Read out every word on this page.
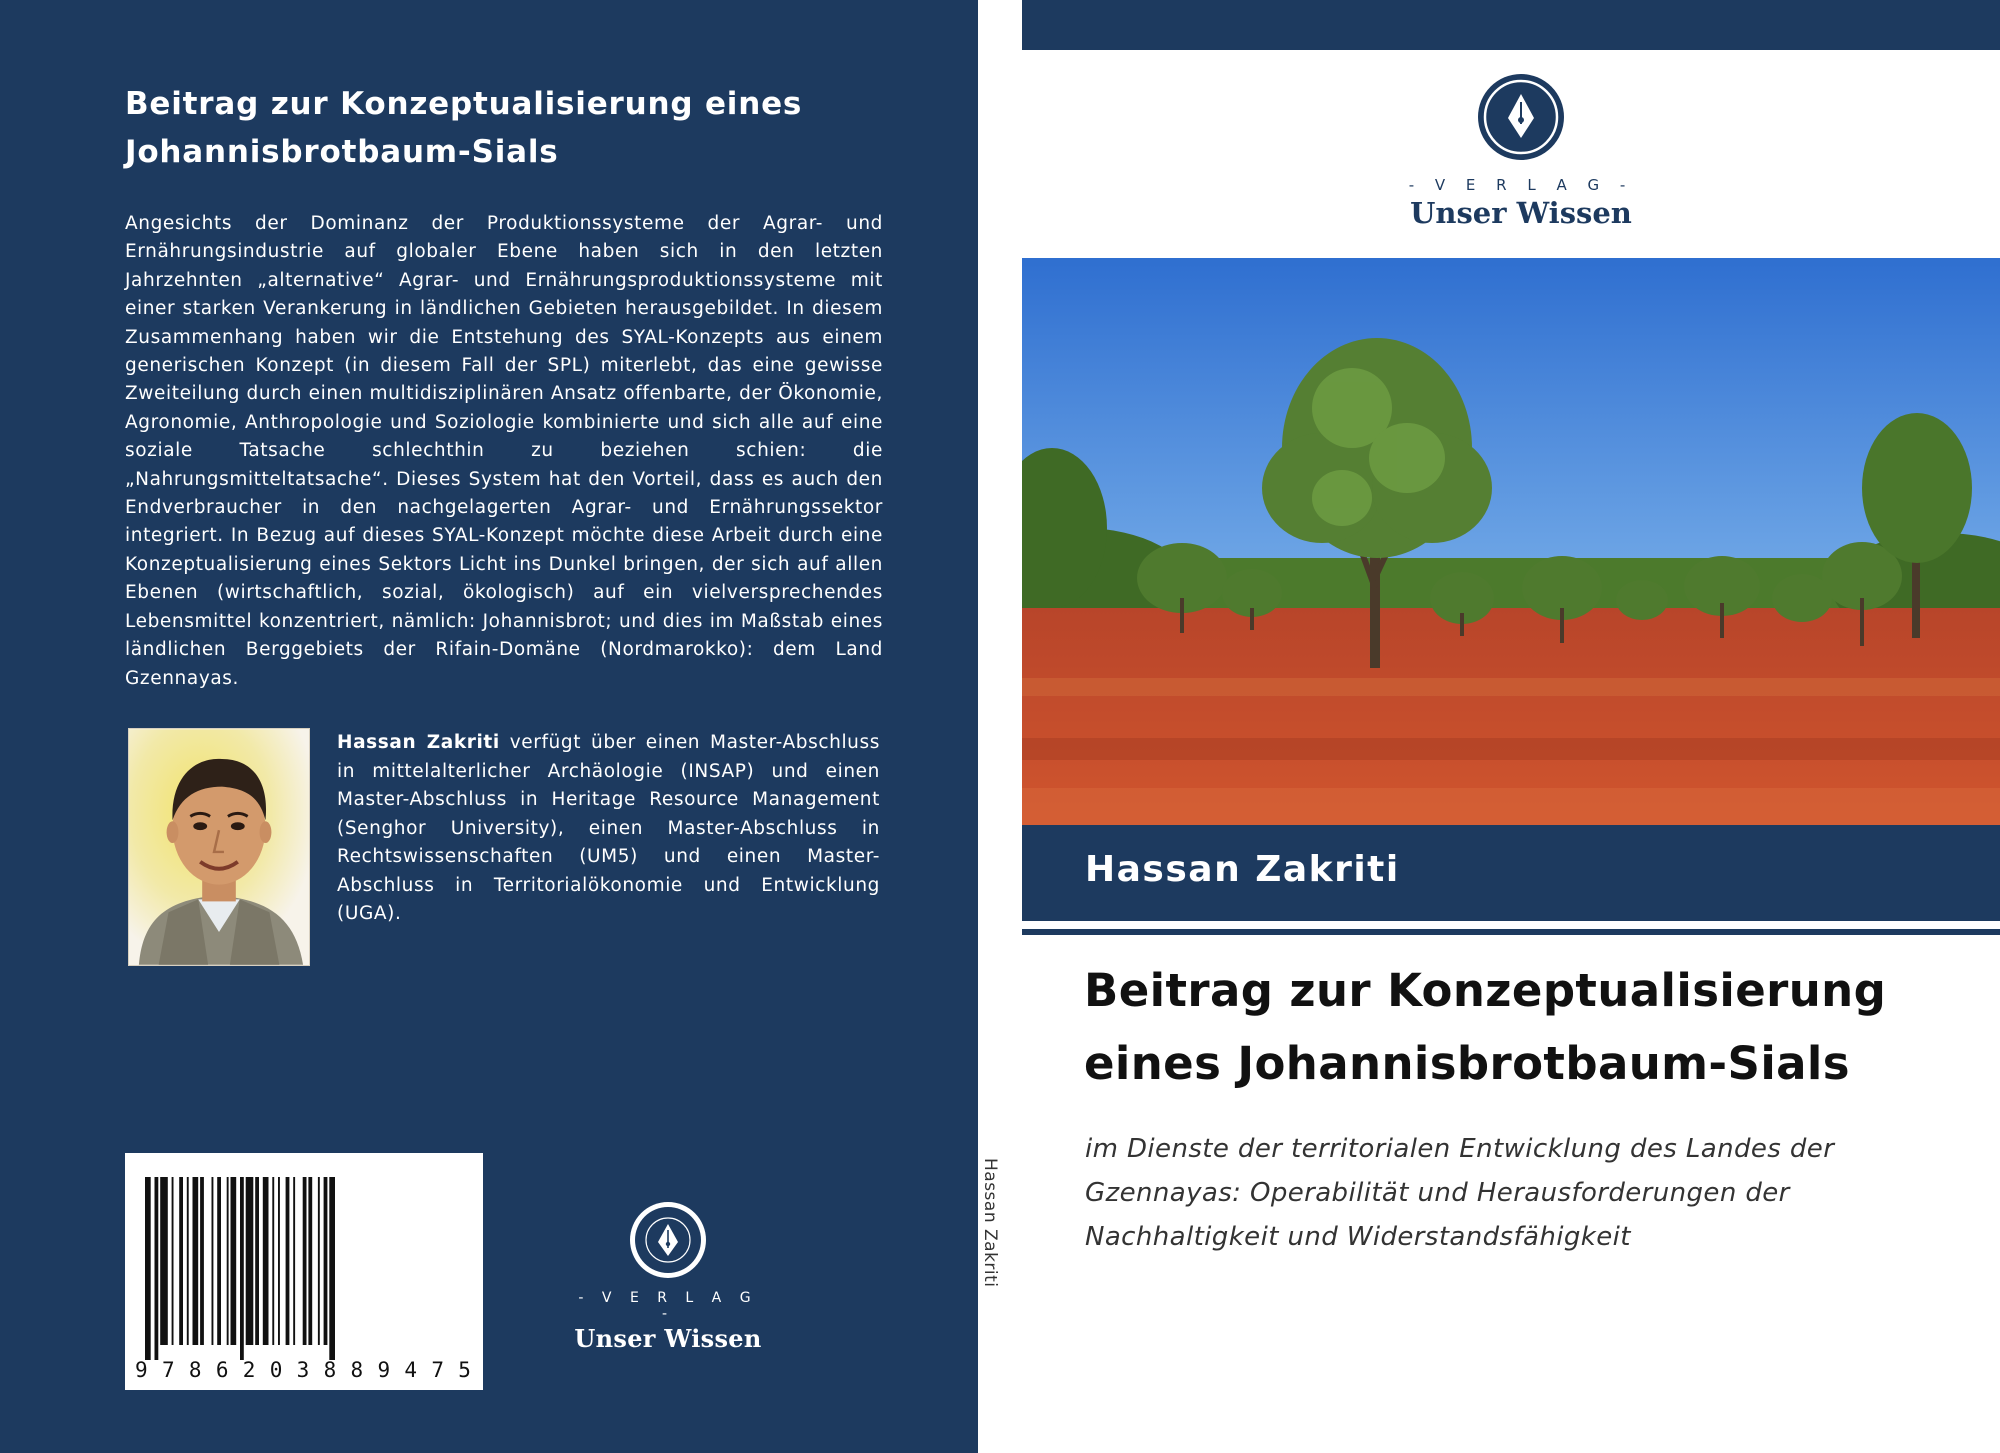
Beitrag zur Konzeptualisierung eines
Johannisbrotbaum-Sials
Angesichts der Dominanz der Produktionssysteme der Agrar- und Ernährungsindustrie auf globaler Ebene haben sich in den letzten Jahrzehnten „alternative“ Agrar- und Ernährungsproduktionssysteme mit einer starken Verankerung in ländlichen Gebieten herausgebildet. In diesem Zusammenhang haben wir die Entstehung des SYAL-Konzepts aus einem generischen Konzept (in diesem Fall der SPL) miterlebt, das eine gewisse Zweiteilung durch einen multidisziplinären Ansatz offenbarte, der Ökonomie, Agronomie, Anthropologie und Soziologie kombinierte und sich alle auf eine soziale Tatsache schlechthin zu beziehen schien: die „Nahrungsmitteltatsache“. Dieses System hat den Vorteil, dass es auch den Endverbraucher in den nachgelagerten Agrar- und Ernährungssektor integriert. In Bezug auf dieses SYAL-Konzept möchte diese Arbeit durch eine Konzeptualisierung eines Sektors Licht ins Dunkel bringen, der sich auf allen Ebenen (wirtschaftlich, sozial, ökologisch) auf ein vielversprechendes Lebensmittel konzentriert, nämlich: Johannisbrot; und dies im Maßstab eines ländlichen Berggebiets der Rifain-Domäne (Nordmarokko): dem Land Gzennayas.
Hassan Zakriti verfügt über einen Master-Abschluss in mittelalterlicher Archäologie (INSAP) und einen Master-Abschluss in Heritage Resource Management (Senghor University), einen Master-Abschluss in Rechtswissenschaften (UM5) und einen Master-Abschluss in Territorialökonomie und Entwicklung (UGA).
9 7 8 6 2 0 3 8 8 9 4 7 5
- V E R L A G -
Unser Wissen
Hassan Zakriti
- V E R L A G -
Unser Wissen
Hassan Zakriti
Beitrag zur Konzeptualisierung
eines Johannisbrotbaum-Sials
im Dienste der territorialen Entwicklung des Landes der
Gzennayas: Operabilität und Herausforderungen der
Nachhaltigkeit und Widerstandsfähigkeit
